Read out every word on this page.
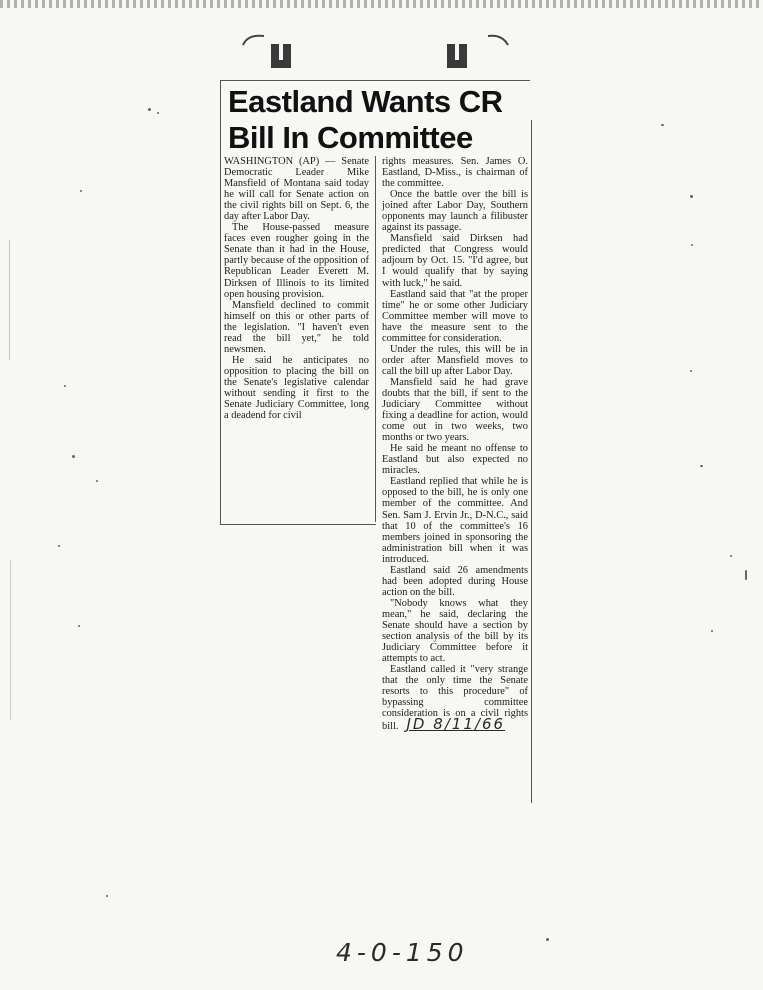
Eastland Wants CR Bill In Committee

WASHINGTON (AP) — Senate Democratic Leader Mike Mansfield of Montana said today he will call for Senate action on the civil rights bill on Sept. 6, the day after Labor Day.

The House-passed measure faces even rougher going in the Senate than it had in the House, partly because of the opposition of Republican Leader Everett M. Dirksen of Illinois to its limited open housing provision.

Mansfield declined to commit himself on this or other parts of the legislation. "I haven't even read the bill yet," he told newsmen.

He said he anticipates no opposition to placing the bill on the Senate's legislative calendar without sending it first to the Senate Judiciary Committee, long a deadend for civil

rights measures. Sen. James O. Eastland, D-Miss., is chairman of the committee.

Once the battle over the bill is joined after Labor Day, Southern opponents may launch a filibuster against its passage.

Mansfield said Dirksen had predicted that Congress would adjourn by Oct. 15. "I'd agree, but I would qualify that by saying with luck," he said.

Eastland said that "at the proper time" he or some other Judiciary Committee member will move to have the measure sent to the committee for consideration.

Under the rules, this will be in order after Mansfield moves to call the bill up after Labor Day.

Mansfield said he had grave doubts that the bill, if sent to the Judiciary Committee without fixing a deadline for action, would come out in two weeks, two months or two years.

He said he meant no offense to Eastland but also expected no miracles.

Eastland replied that while he is opposed to the bill, he is only one member of the committee. And Sen. Sam J. Ervin Jr., D-N.C., said that 10 of the committee's 16 members joined in sponsoring the administration bill when it was introduced.

Eastland said 26 amendments had been adopted during House action on the bill.

"Nobody knows what they mean," he said, declaring the Senate should have a section by section analysis of the bill by its Judiciary Committee before it attempts to act.

Eastland called it "very strange that the only time the Senate resorts to this procedure" of bypassing committee consideration is on a civil rights bill. JD 8/11/66

4-0-150
